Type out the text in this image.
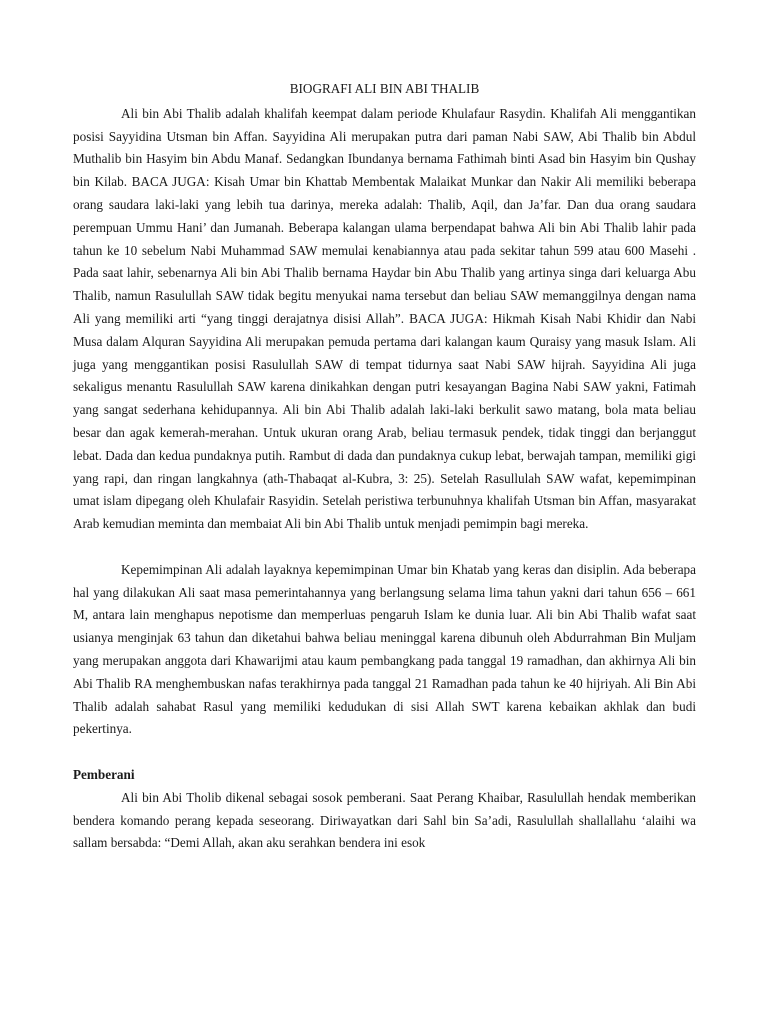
BIOGRAFI ALI BIN ABI THALIB

Ali bin Abi Thalib adalah khalifah keempat dalam periode Khulafaur Rasydin. Khalifah Ali menggantikan posisi Sayyidina Utsman bin Affan. Sayyidina Ali merupakan putra dari paman Nabi SAW, Abi Thalib bin Abdul Muthalib bin Hasyim bin Abdu Manaf. Sedangkan Ibundanya bernama Fathimah binti Asad bin Hasyim bin Qushay bin Kilab. BACA JUGA: Kisah Umar bin Khattab Membentak Malaikat Munkar dan Nakir Ali memiliki beberapa orang saudara laki-laki yang lebih tua darinya, mereka adalah: Thalib, Aqil, dan Ja’far. Dan dua orang saudara perempuan Ummu Hani’ dan Jumanah. Beberapa kalangan ulama berpendapat bahwa Ali bin Abi Thalib lahir pada tahun ke 10 sebelum Nabi Muhammad SAW memulai kenabiannya atau pada sekitar tahun 599 atau 600 Masehi . Pada saat lahir, sebenarnya Ali bin Abi Thalib bernama Haydar bin Abu Thalib yang artinya singa dari keluarga Abu Thalib, namun Rasulullah SAW tidak begitu menyukai nama tersebut dan beliau SAW memanggilnya dengan nama Ali yang memiliki arti “yang tinggi derajatnya disisi Allah”. BACA JUGA: Hikmah Kisah Nabi Khidir dan Nabi Musa dalam Alquran Sayyidina Ali merupakan pemuda pertama dari kalangan kaum Quraisy yang masuk Islam. Ali juga yang menggantikan posisi Rasulullah SAW di tempat tidurnya saat Nabi SAW hijrah. Sayyidina Ali juga sekaligus menantu Rasulullah SAW karena dinikahkan dengan putri kesayangan Bagina Nabi SAW yakni, Fatimah yang sangat sederhana kehidupannya. Ali bin Abi Thalib adalah laki-laki berkulit sawo matang, bola mata beliau besar dan agak kemerah-merahan. Untuk ukuran orang Arab, beliau termasuk pendek, tidak tinggi dan berjanggut lebat. Dada dan kedua pundaknya putih. Rambut di dada dan pundaknya cukup lebat, berwajah tampan, memiliki gigi yang rapi, dan ringan langkahnya (ath-Thabaqat al-Kubra, 3: 25). Setelah Rasullulah SAW wafat, kepemimpinan umat islam dipegang oleh Khulafair Rasyidin. Setelah peristiwa terbunuhnya khalifah Utsman bin Affan, masyarakat Arab kemudian meminta dan membaiat Ali bin Abi Thalib untuk menjadi pemimpin bagi mereka.

Kepemimpinan Ali adalah layaknya kepemimpinan Umar bin Khatab yang keras dan disiplin. Ada beberapa hal yang dilakukan Ali saat masa pemerintahannya yang berlangsung selama lima tahun yakni dari tahun 656 – 661 M, antara lain menghapus nepotisme dan memperluas pengaruh Islam ke dunia luar. Ali bin Abi Thalib wafat saat usianya menginjak 63 tahun dan diketahui bahwa beliau meninggal karena dibunuh oleh Abdurrahman Bin Muljam yang merupakan anggota dari Khawarijmi atau kaum pembangkang pada tanggal 19 ramadhan, dan akhirnya Ali bin Abi Thalib RA menghembuskan nafas terakhirnya pada tanggal 21 Ramadhan pada tahun ke 40 hijriyah. Ali Bin Abi Thalib adalah sahabat Rasul yang memiliki kedudukan di sisi Allah SWT karena kebaikan akhlak dan budi pekertinya.

Pemberani

Ali bin Abi Tholib dikenal sebagai sosok pemberani. Saat Perang Khaibar, Rasulullah hendak memberikan bendera komando perang kepada seseorang. Diriwayatkan dari Sahl bin Sa’adi, Rasulullah shallallahu ‘alaihi wa sallam bersabda: “Demi Allah, akan aku serahkan bendera ini esok
